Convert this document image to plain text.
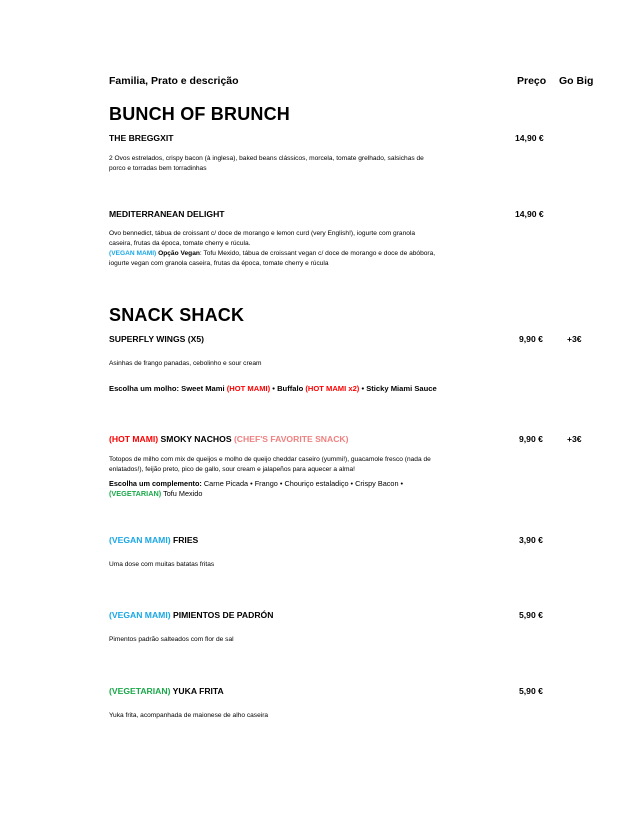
Familia, Prato e descrição	Preço Go Big
BUNCH OF BRUNCH
THE BREGGXIT	14,90 €
2 Ovos estrelados, crispy bacon (à inglesa), baked beans clássicos, morcela, tomate grelhado, salsichas de
porco e torradas bem torradinhas
MEDITERRANEAN DELIGHT	14,90 €
Ovo bennedict, tábua de croissant c/ doce de morango e lemon curd (very English!), iogurte com granola
caseira, frutas da época, tomate cherry e rúcula.
(VEGAN MAMI) Opção Vegan: Tofu Mexido, tábua de croissant vegan c/ doce de morango e doce de abóbora,
iogurte vegan com granola caseira, frutas da época, tomate cherry e rúcula
SNACK SHACK
SUPERFLY WINGS (X5)	9,90 €	+3€
Asinhas de frango panadas, cebolinho e sour cream
Escolha um molho: Sweet Mami (HOT MAMI) • Buffalo (HOT MAMI x2) • Sticky Miami Sauce
(HOT MAMI) SMOKY NACHOS (CHEF'S FAVORITE SNACK)	9,90 €	+3€
Totopos de milho com mix de queijos e molho de queijo cheddar caseiro (yummi!), guacamole fresco (nada de
enlatados!), feijão preto, pico de gallo, sour cream e jalapeños para aquecer a alma!
Escolha um complemento: Carne Picada • Frango • Chouriço estaladiço • Crispy Bacon •
(VEGETARIAN) Tofu Mexido
(VEGAN MAMI) FRIES	3,90 €
Uma dose com muitas batatas fritas
(VEGAN MAMI) PIMIENTOS DE PADRÓN	5,90 €
Pimentos padrão salteados com flor de sal
(VEGETARIAN) YUKA FRITA	5,90 €
Yuka frita, acompanhada de maionese de alho caseira
